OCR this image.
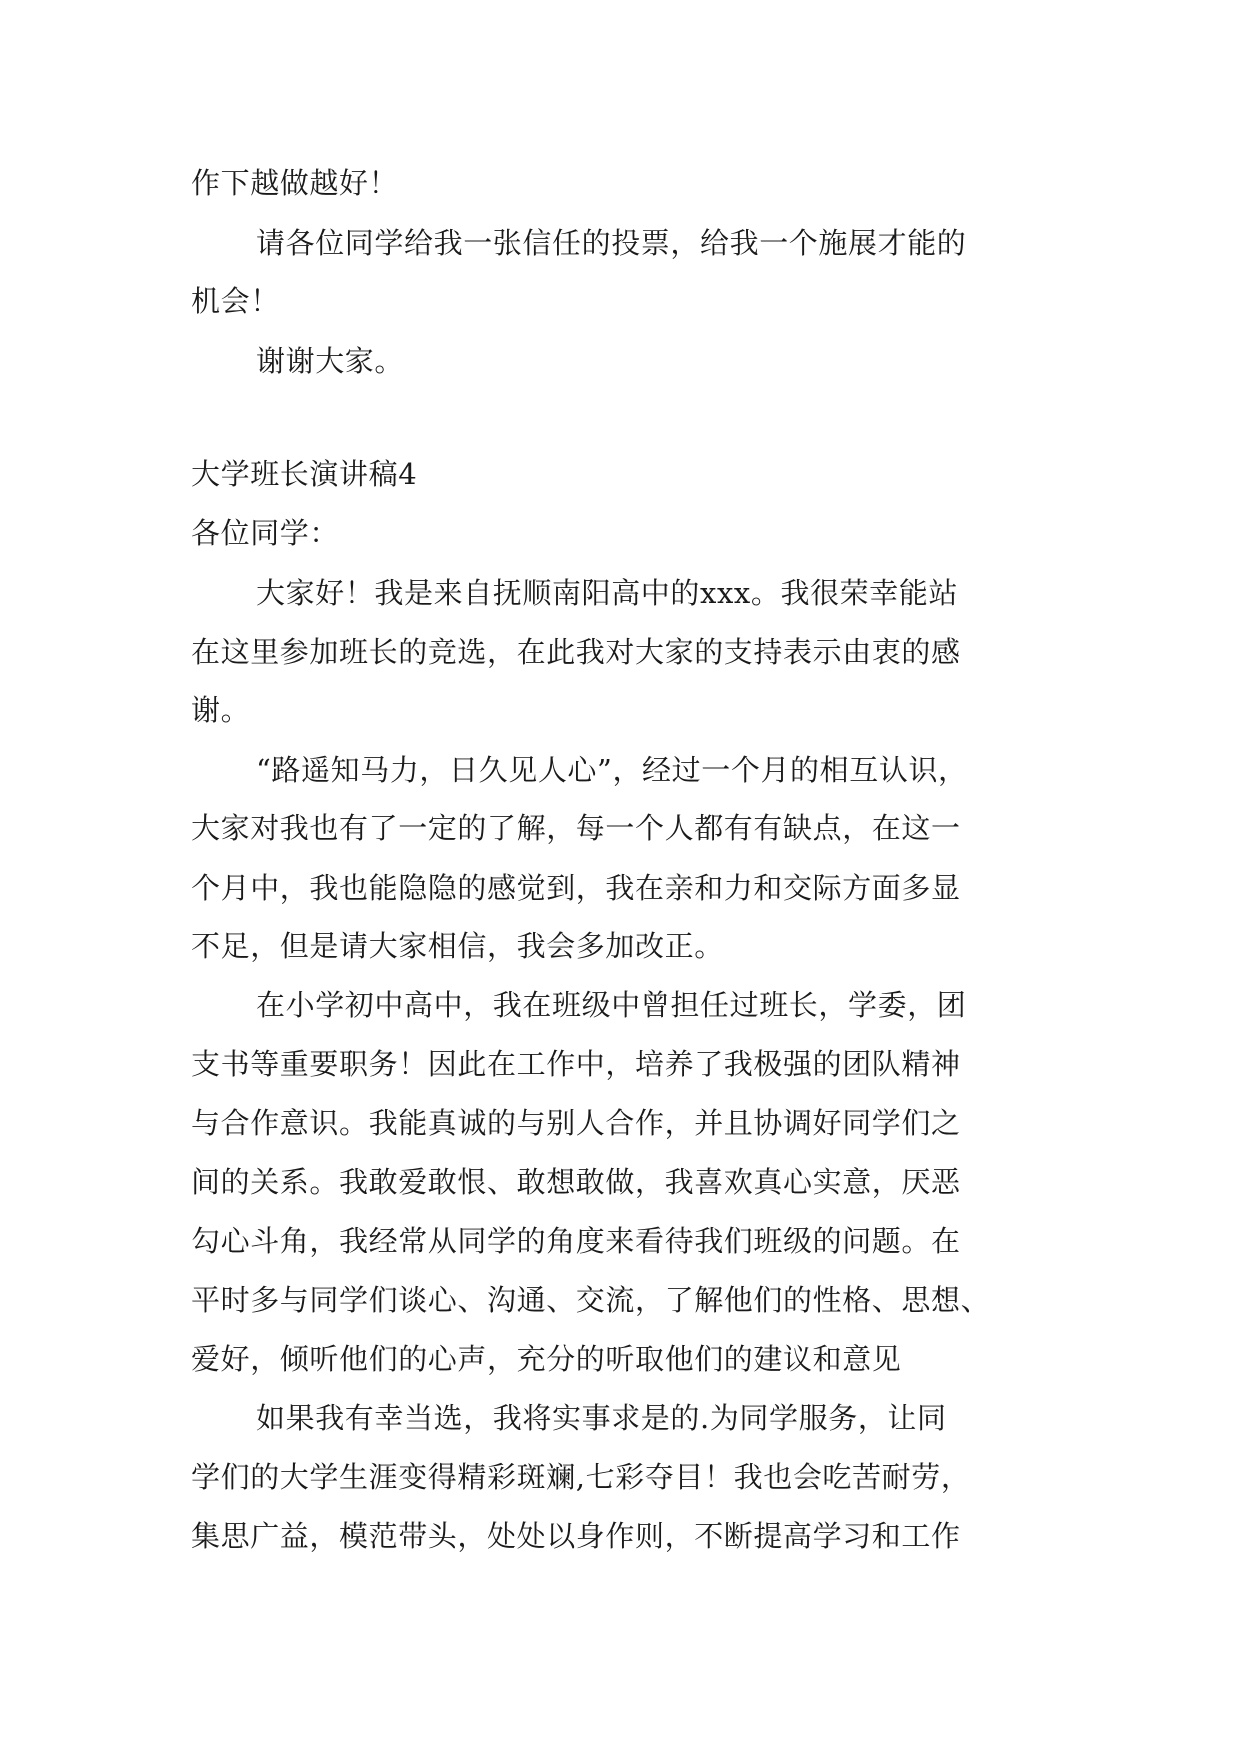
作下越做越好！

请各位同学给我一张信任的投票，给我一个施展才能的

机会！

谢谢大家。

大学班长演讲稿4

各位同学：

大家好！我是来自抚顺南阳高中的xxx。我很荣幸能站

在这里参加班长的竞选，在此我对大家的支持表示由衷的感

谢。

“路遥知马力，日久见人心”，经过一个月的相互认识，

大家对我也有了一定的了解，每一个人都有有缺点，在这一

个月中，我也能隐隐的感觉到，我在亲和力和交际方面多显

不足，但是请大家相信，我会多加改正。

在小学初中高中，我在班级中曾担任过班长，学委，团

支书等重要职务！因此在工作中，培养了我极强的团队精神

与合作意识。我能真诚的与别人合作，并且协调好同学们之

间的关系。我敢爱敢恨、敢想敢做，我喜欢真心实意，厌恶

勾心斗角，我经常从同学的角度来看待我们班级的问题。在

平时多与同学们谈心、沟通、交流，了解他们的性格、思想、

爱好，倾听他们的心声，充分的听取他们的建议和意见

如果我有幸当选，我将实事求是的.为同学服务，让同

学们的大学生涯变得精彩斑斓,七彩夺目！我也会吃苦耐劳，

集思广益，模范带头，处处以身作则，不断提高学习和工作
